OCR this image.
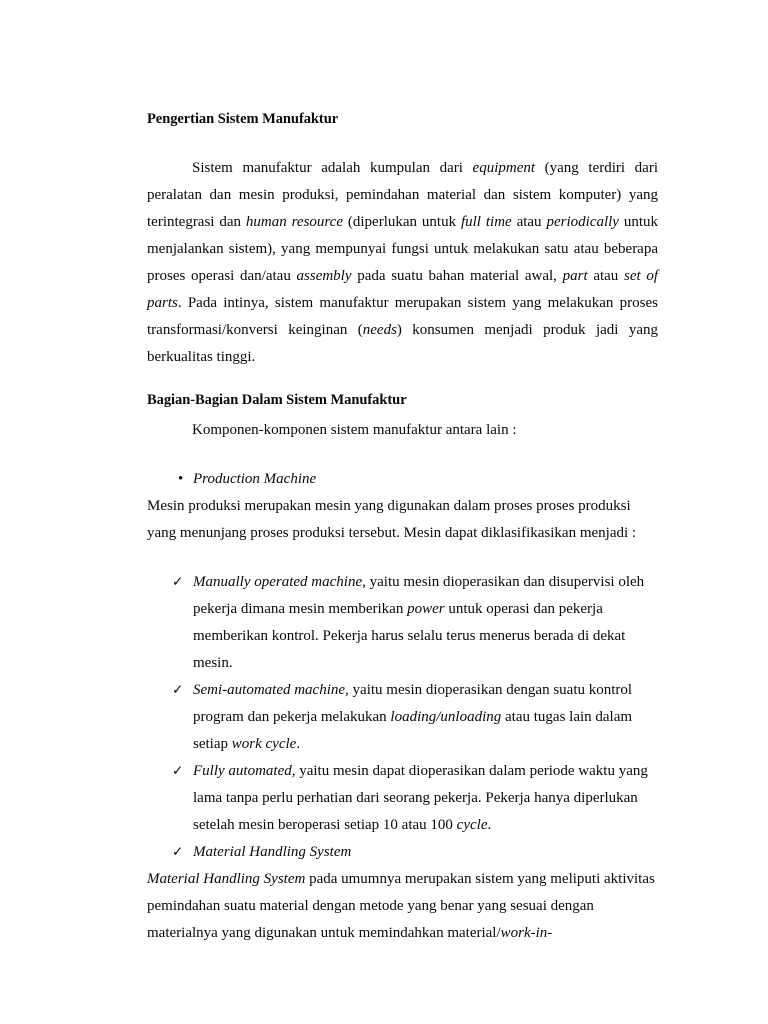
Pengertian Sistem Manufaktur

Sistem manufaktur adalah kumpulan dari equipment (yang terdiri dari peralatan dan mesin produksi, pemindahan material dan sistem komputer) yang terintegrasi dan human resource (diperlukan untuk full time atau periodically untuk menjalankan sistem), yang mempunyai fungsi untuk melakukan satu atau beberapa proses operasi dan/atau assembly pada suatu bahan material awal, part atau set of parts. Pada intinya, sistem manufaktur merupakan sistem yang melakukan proses transformasi/konversi keinginan (needs) konsumen menjadi produk jadi yang berkualitas tinggi.

Bagian-Bagian Dalam Sistem Manufaktur

Komponen-komponen sistem manufaktur antara lain :

• Production Machine

Mesin produksi merupakan mesin yang digunakan dalam proses proses produksi yang menunjang proses produksi tersebut. Mesin dapat diklasifikasikan menjadi :

✓ Manually operated machine, yaitu mesin dioperasikan dan disupervisi oleh pekerja dimana mesin memberikan power untuk operasi dan pekerja memberikan kontrol. Pekerja harus selalu terus menerus berada di dekat mesin.
✓ Semi-automated machine, yaitu mesin dioperasikan dengan suatu kontrol program dan pekerja melakukan loading/unloading atau tugas lain dalam setiap work cycle.
✓ Fully automated, yaitu mesin dapat dioperasikan dalam periode waktu yang lama tanpa perlu perhatian dari seorang pekerja. Pekerja hanya diperlukan setelah mesin beroperasi setiap 10 atau 100 cycle.
✓ Material Handling System

Material Handling System pada umumnya merupakan sistem yang meliputi aktivitas pemindahan suatu material dengan metode yang benar yang sesuai dengan materialnya yang digunakan untuk memindahkan material/work-in-
